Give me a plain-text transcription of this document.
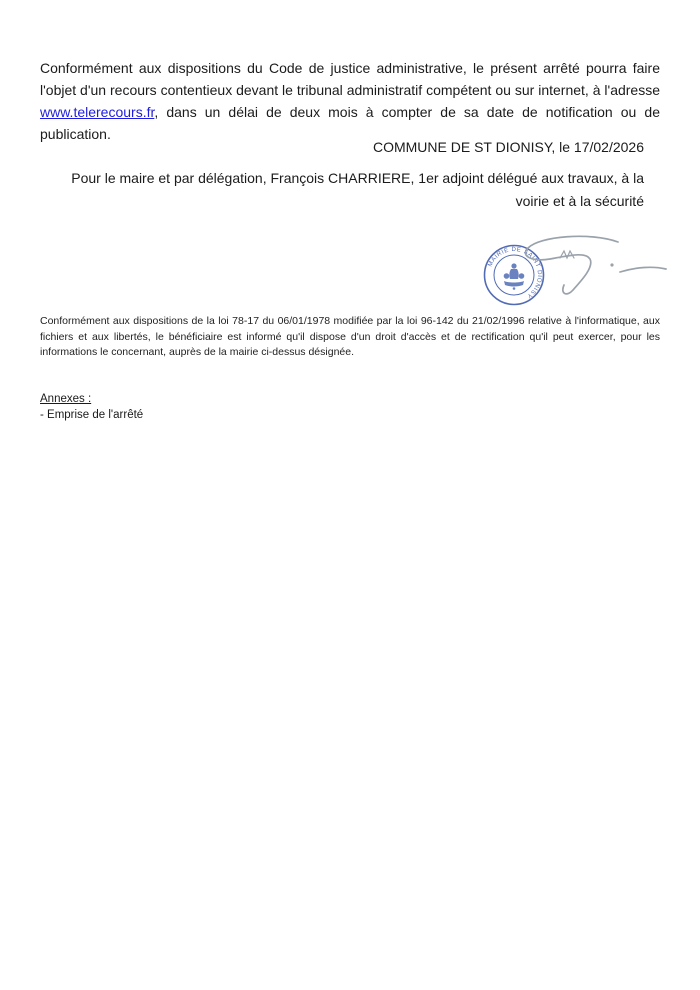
Conformément aux dispositions du Code de justice administrative, le présent arrêté pourra faire l'objet d'un recours contentieux devant le tribunal administratif compétent ou sur internet, à l'adresse www.telerecours.fr, dans un délai de deux mois à compter de sa date de notification ou de publication.

COMMUNE DE ST DIONISY, le 17/02/2026

Pour le maire et par délégation, François CHARRIERE, 1er adjoint délégué aux travaux, à la voirie et à la sécurité

MAIRIE DE SAINT DIONISY

Conformément aux dispositions de la loi 78-17 du 06/01/1978 modifiée par la loi 96-142 du 21/02/1996 relative à l'informatique, aux fichiers et aux libertés, le bénéficiaire est informé qu'il dispose d'un droit d'accès et de rectification qu'il peut exercer, pour les informations le concernant, auprès de la mairie ci-dessus désignée.

Annexes :

- Emprise de l'arrêté
